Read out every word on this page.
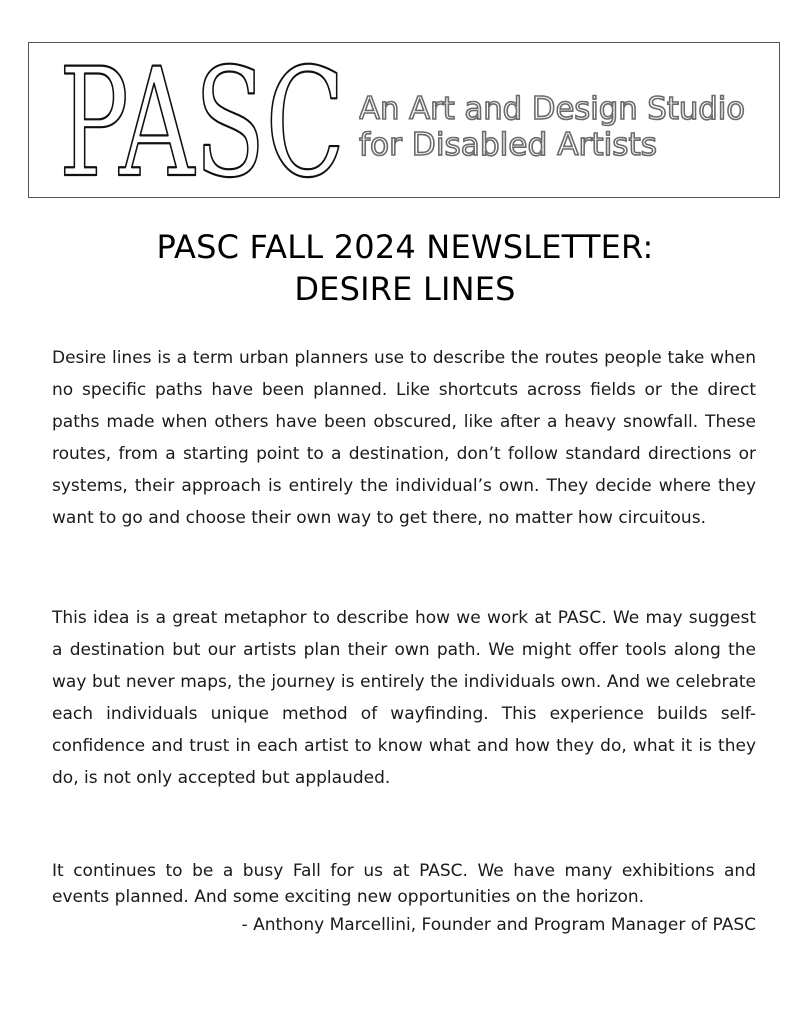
PASC An Art and Design Studio
for Disabled Artists
PASC FALL 2024 NEWSLETTER:
DESIRE LINES

Desire lines is a term urban planners use to describe the routes people take when no specific paths have been planned. Like shortcuts across fields or the direct paths made when others have been obscured, like after a heavy snowfall. These routes, from a starting point to a destination, don’t follow standard directions or systems, their approach is entirely the individual’s own. They decide where they want to go and choose their own way to get there, no matter how circuitous.

This idea is a great metaphor to describe how we work at PASC. We may suggest a destination but our artists plan their own path. We might offer tools along the way but never maps, the journey is entirely the individuals own. And we celebrate each individuals unique method of wayfinding. This experience builds self-confidence and trust in each artist to know what and how they do, what it is they do, is not only accepted but applauded.

It continues to be a busy Fall for us at PASC. We have many exhibitions and events planned. And some exciting new opportunities on the horizon.

- Anthony Marcellini, Founder and Program Manager of PASC
